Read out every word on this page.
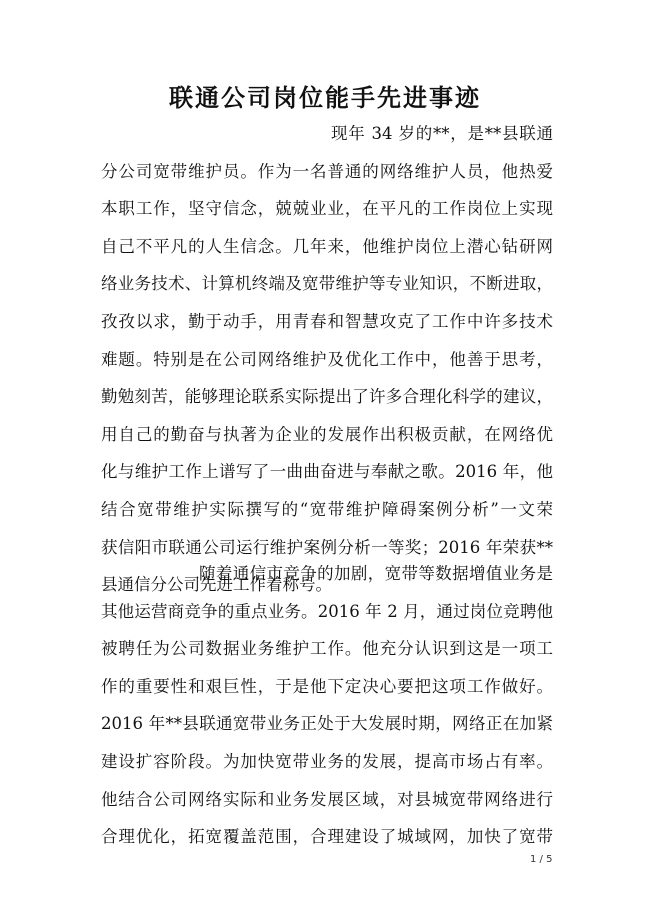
联通公司岗位能手先进事迹
现年 34 岁的**，是**县联通
分公司宽带维护员。作为一名普通的网络维护人员，他热爱
本职工作，坚守信念，兢兢业业，在平凡的工作岗位上实现
自己不平凡的人生信念。几年来，他维护岗位上潜心钻研网
络业务技术、计算机终端及宽带维护等专业知识，不断进取，
孜孜以求，勤于动手，用青春和智慧攻克了工作中许多技术
难题。特别是在公司网络维护及优化工作中，他善于思考，
勤勉刻苦，能够理论联系实际提出了许多合理化科学的建议，
用自己的勤奋与执著为企业的发展作出积极贡献，在网络优
化与维护工作上谱写了一曲曲奋进与奉献之歌。2016 年，他
结合宽带维护实际撰写的“宽带维护障碍案例分析”一文荣
获信阳市联通公司运行维护案例分析一等奖；2016 年荣获**
县通信分公司先进工作着称号。
随着通信市竞争的加剧，宽带等数据增值业务是
其他运营商竞争的重点业务。2016 年 2 月，通过岗位竞聘他
被聘任为公司数据业务维护工作。他充分认识到这是一项工
作的重要性和艰巨性，于是他下定决心要把这项工作做好。
2016 年**县联通宽带业务正处于大发展时期，网络正在加紧
建设扩容阶段。为加快宽带业务的发展，提高市场占有率。
他结合公司网络实际和业务发展区域，对县城宽带网络进行
合理优化，拓宽覆盖范围，合理建设了城域网，加快了宽带
1 / 5
